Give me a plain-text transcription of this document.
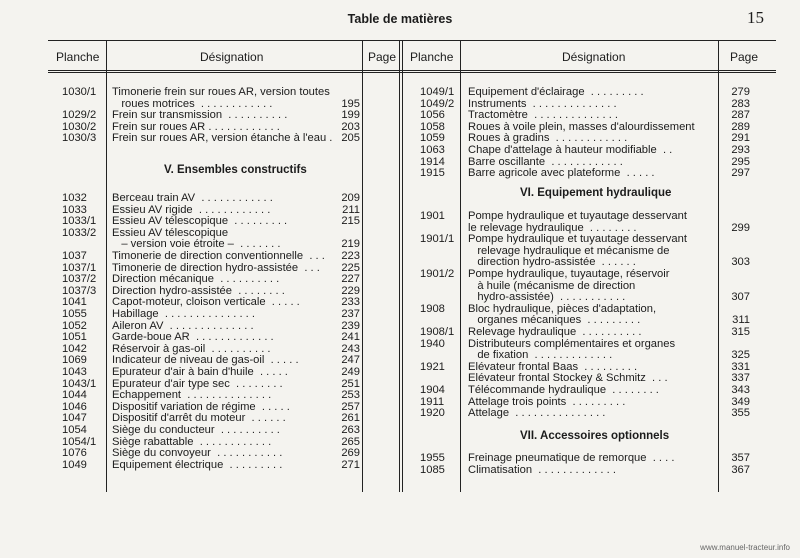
Table de matières	15
Planche	Désignation	Page Planche	Désignation	Page
1030/1 Timonerie frein sur roues AR, version toutes
roues motrices  . . . . . . . . . . . .	195
1029/2 Frein sur transmission  . . . . . . . . . .	199
1030/2 Frein sur roues AR . . . . . . . . . . . .	203
1030/3 Frein sur roues AR, version étanche à l'eau . 205
V. Ensembles constructifs
1032 Berceau train AV  . . . . . . . . . . . .	209
1033 Essieu AV rigide  . . . . . . . . . . . .	211
1033/1 Essieu AV télescopique  . . . . . . . . .	215
1033/2 Essieu AV télescopique
– version voie étroite –  . . . . . . .	219
1037 Timonerie de direction conventionnelle  . . .	223
1037/1 Timonerie de direction hydro-assistée  . . .	225
1037/2 Direction mécanique  . . . . . . . . . .	227
1037/3 Direction hydro-assistée  . . . . . . . .	229
1041 Capot-moteur, cloison verticale  . . . . .	233
1055 Habillage  . . . . . . . . . . . . . . .	237
1052 Aileron AV  . . . . . . . . . . . . . .	239
1051 Garde-boue AR  . . . . . . . . . . . . .	241
1042 Réservoir à gas-oil  . . . . . . . . . .	243
1069 Indicateur de niveau de gas-oil  . . . . .	247
1043 Epurateur d'air à bain d'huile  . . . . .	249
1043/1 Epurateur d'air type sec  . . . . . . . .	251
1044 Echappement  . . . . . . . . . . . . . .	253
1046 Dispositif variation de régime  . . . . .	257
1047 Dispositif d'arrêt du moteur  . . . . . .	261
1054 Siège du conducteur  . . . . . . . . . .	263
1054/1 Siège rabattable  . . . . . . . . . . . .	265
1076 Siège du convoyeur  . . . . . . . . . . .	269
1049 Equipement électrique  . . . . . . . . .	271
1049/1 Equipement d'éclairage  . . . . . . . . .	279
1049/2 Instruments  . . . . . . . . . . . . . .	283
1056 Tractomètre  . . . . . . . . . . . . . .	287
1058 Roues à voile plein, masses d'alourdissement	289
1059 Roues à gradins  . . . . . . . . . . . .	291
1063 Chape d'attelage à hauteur modifiable  . .	293
1914 Barre oscillante  . . . . . . . . . . . .	295
1915 Barre agricole avec plateforme  . . . . .	297
VI. Equipement hydraulique
1901 Pompe hydraulique et tuyautage desservant
le relevage hydraulique  . . . . . . . .	299
1901/1 Pompe hydraulique et tuyautage desservant
relevage hydraulique et mécanisme de
direction hydro-assistée  . . . . . .	303
1901/2 Pompe hydraulique, tuyautage, réservoir
à huile (mécanisme de direction
hydro-assistée)  . . . . . . . . . . .	307
1908 Bloc hydraulique, pièces d'adaptation,
organes mécaniques  . . . . . . . . .	311
1908/1 Relevage hydraulique  . . . . . . . . . .	315
1940 Distributeurs complémentaires et organes
de fixation  . . . . . . . . . . . . .	325
1921 Elévateur frontal Baas  . . . . . . . . .	331
Elévateur frontal Stockey & Schmitz  . . .	337
1904 Télécommande hydraulique  . . . . . . . .	343
1911 Attelage trois points  . . . . . . . . .	349
1920 Attelage  . . . . . . . . . . . . . . .	355
VII. Accessoires optionnels
1955 Freinage pneumatique de remorque  . . . .	357
1085 Climatisation  . . . . . . . . . . . . .	367
www.manuel-tracteur.info
